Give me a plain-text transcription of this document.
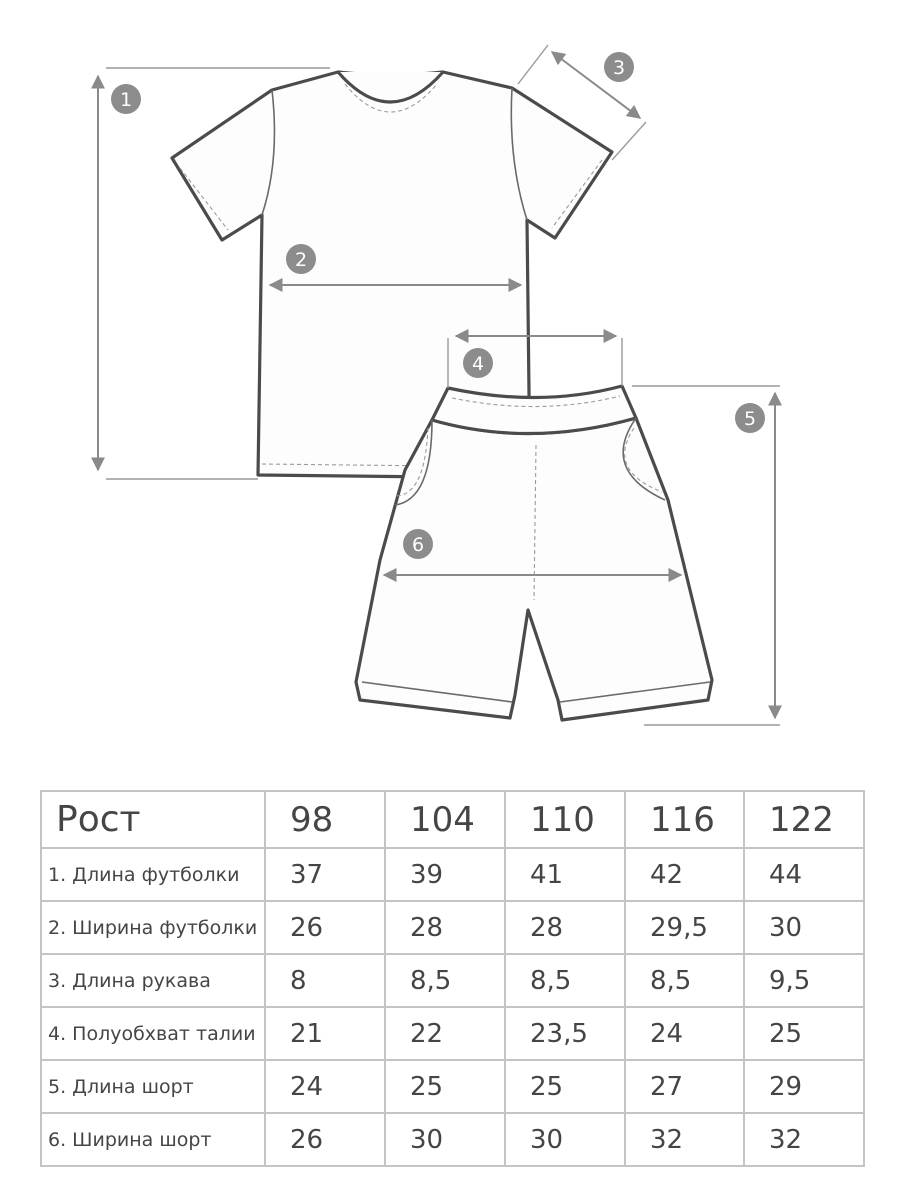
1
2
3
4
5
6
Рост	98	104	110	116	122
1. Длина футболки	37	39	41	42	44
2. Ширина футболки	26	28	28	29,5	30
3. Длина рукава	8	8,5	8,5	8,5	9,5
4. Полуобхват талии	21	22	23,5	24	25
5. Длина шорт	24	25	25	27	29
6. Ширина шорт	26	30	30	32	32
